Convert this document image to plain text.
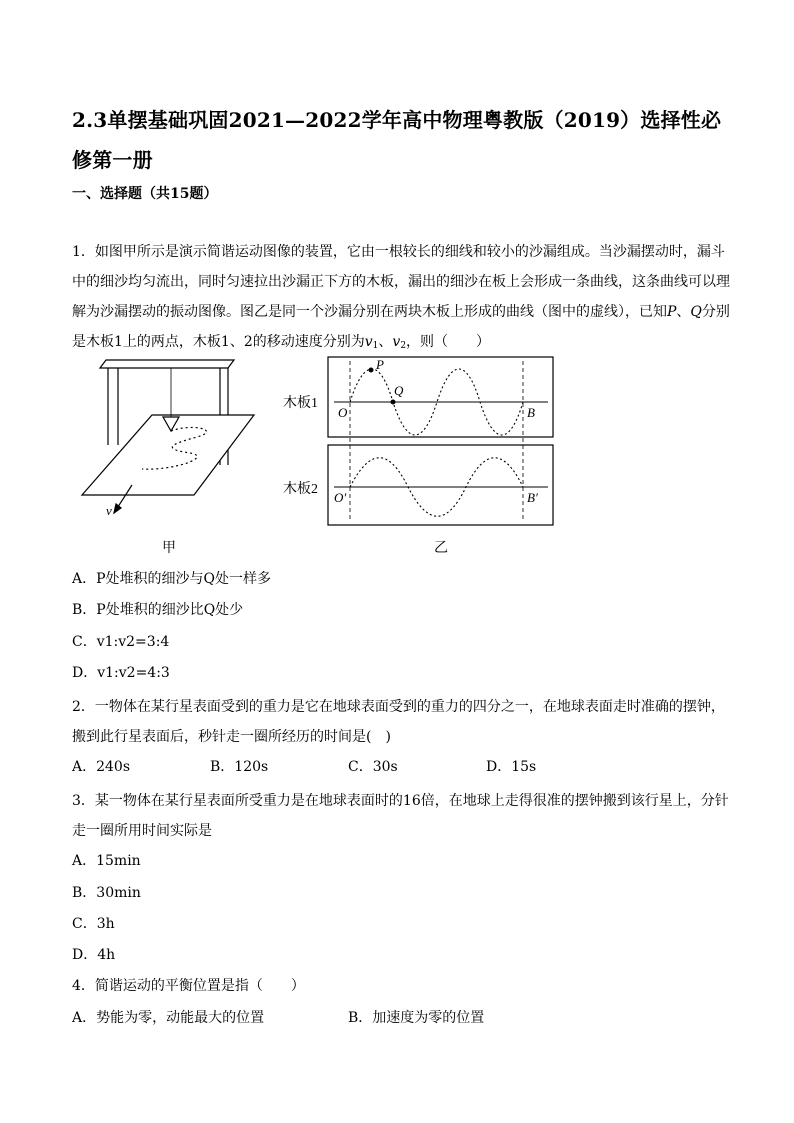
2.3单摆基础巩固2021—2022学年高中物理粤教版（2019）选择性必修第一册
一、选择题（共15题）
1．如图甲所示是演示简谐运动图像的装置，它由一根较长的细线和较小的沙漏组成。当沙漏摆动时，漏斗中的细沙均匀流出，同时匀速拉出沙漏正下方的木板，漏出的细沙在板上会形成一条曲线，这条曲线可以理解为沙漏摆动的振动图像。图乙是同一个沙漏分别在两块木板上形成的曲线（图中的虚线），已知P、Q分别是木板1上的两点，木板1、2的移动速度分别为$v_1$、$v_2$，则（　　）
v
木板1
木板2
O	B
O′	B′
P
Q
甲	乙
A．P处堆积的细沙与Q处一样多
B．P处堆积的细沙比Q处少
C．v1:v2=3:4
D．v1:v2=4:3
2．一物体在某行星表面受到的重力是它在地球表面受到的重力的四分之一，在地球表面走时准确的摆钟，搬到此行星表面后，秒针走一圈所经历的时间是(　)
A．240s	B．120s	C．30s	D．15s
3．某一物体在某行星表面所受重力是在地球表面时的16倍，在地球上走得很准的摆钟搬到该行星上，分针走一圈所用时间实际是
A．15min
B．30min
C．3h
D．4h
4．简谐运动的平衡位置是指（　　）
A．势能为零，动能最大的位置	B．加速度为零的位置
